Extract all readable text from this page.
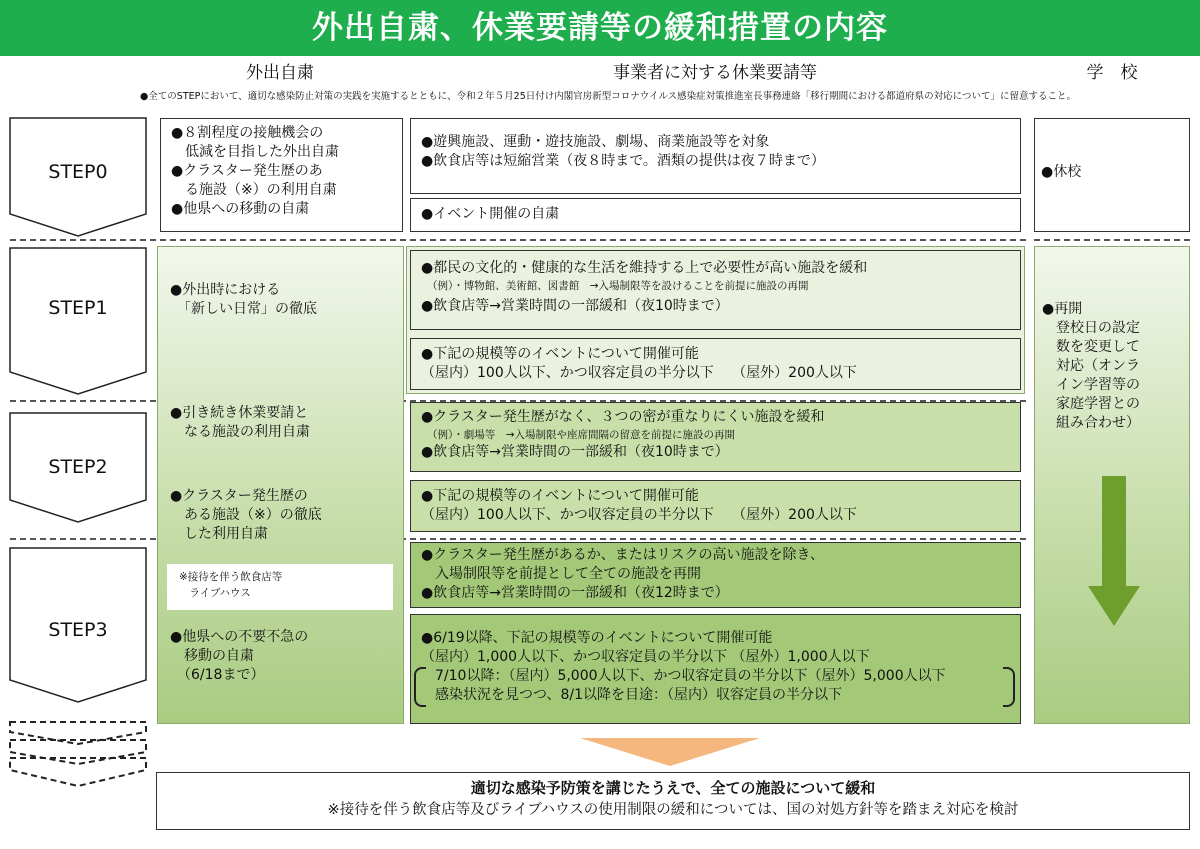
外出自粛、休業要請等の緩和措置の内容
外出自粛	事業者に対する休業要請等	学　校
●全てのSTEPにおいて、適切な感染防止対策の実践を実施するとともに、令和２年５月25日付け内閣官房新型コロナウイルス感染症対策推進室長事務連絡「移行期間における都道府県の対応について」に留意すること。
STEP0
STEP1
STEP2
STEP3
●８割程度の接触機会の
　低減を目指した外出自粛
●クラスター発生歴のあ
　る施設（※）の利用自粛
●他県への移動の自粛
●遊興施設、運動・遊技施設、劇場、商業施設等を対象
●飲食店等は短縮営業（夜８時まで。酒類の提供は夜７時まで）
●イベント開催の自粛
●休校
●外出時における
　「新しい日常」の徹底
●引き続き休業要請と
　なる施設の利用自粛
●クラスター発生歴の
　ある施設（※）の徹底
　した利用自粛
※接待を伴う飲食店等
　ライブハウス
●他県への不要不急の
　移動の自粛
　（6/18まで）
●都民の文化的・健康的な生活を維持する上で必要性が高い施設を緩和
（例）・博物館、美術館、図書館　→入場制限等を設けることを前提に施設の再開
●飲食店等→営業時間の一部緩和（夜10時まで）
●下記の規模等のイベントについて開催可能
（屋内）100人以下、かつ収容定員の半分以下　 （屋外）200人以下
●クラスター発生歴がなく、３つの密が重なりにくい施設を緩和
（例）・劇場等　→入場制限や座席間隔の留意を前提に施設の再開
●飲食店等→営業時間の一部緩和（夜10時まで）
●下記の規模等のイベントについて開催可能
（屋内）100人以下、かつ収容定員の半分以下　 （屋外）200人以下
●クラスター発生歴があるか、またはリスクの高い施設を除き、
　入場制限等を前提として全ての施設を再開
●飲食店等→営業時間の一部緩和（夜12時まで）
●6/19以降、下記の規模等のイベントについて開催可能
（屋内）1,000人以下、かつ収容定員の半分以下 （屋外）1,000人以下
7/10以降：（屋内）5,000人以下、かつ収容定員の半分以下（屋外）5,000人以下
感染状況を見つつ、8/1以降を目途：（屋内）収容定員の半分以下
●再開
　登校日の設定
　数を変更して
　対応（オンラ
　イン学習等の
　家庭学習との
　組み合わせ）
適切な感染予防策を講じたうえで、全ての施設について緩和
※接待を伴う飲食店等及びライブハウスの使用制限の緩和については、国の対処方針等を踏まえ対応を検討
